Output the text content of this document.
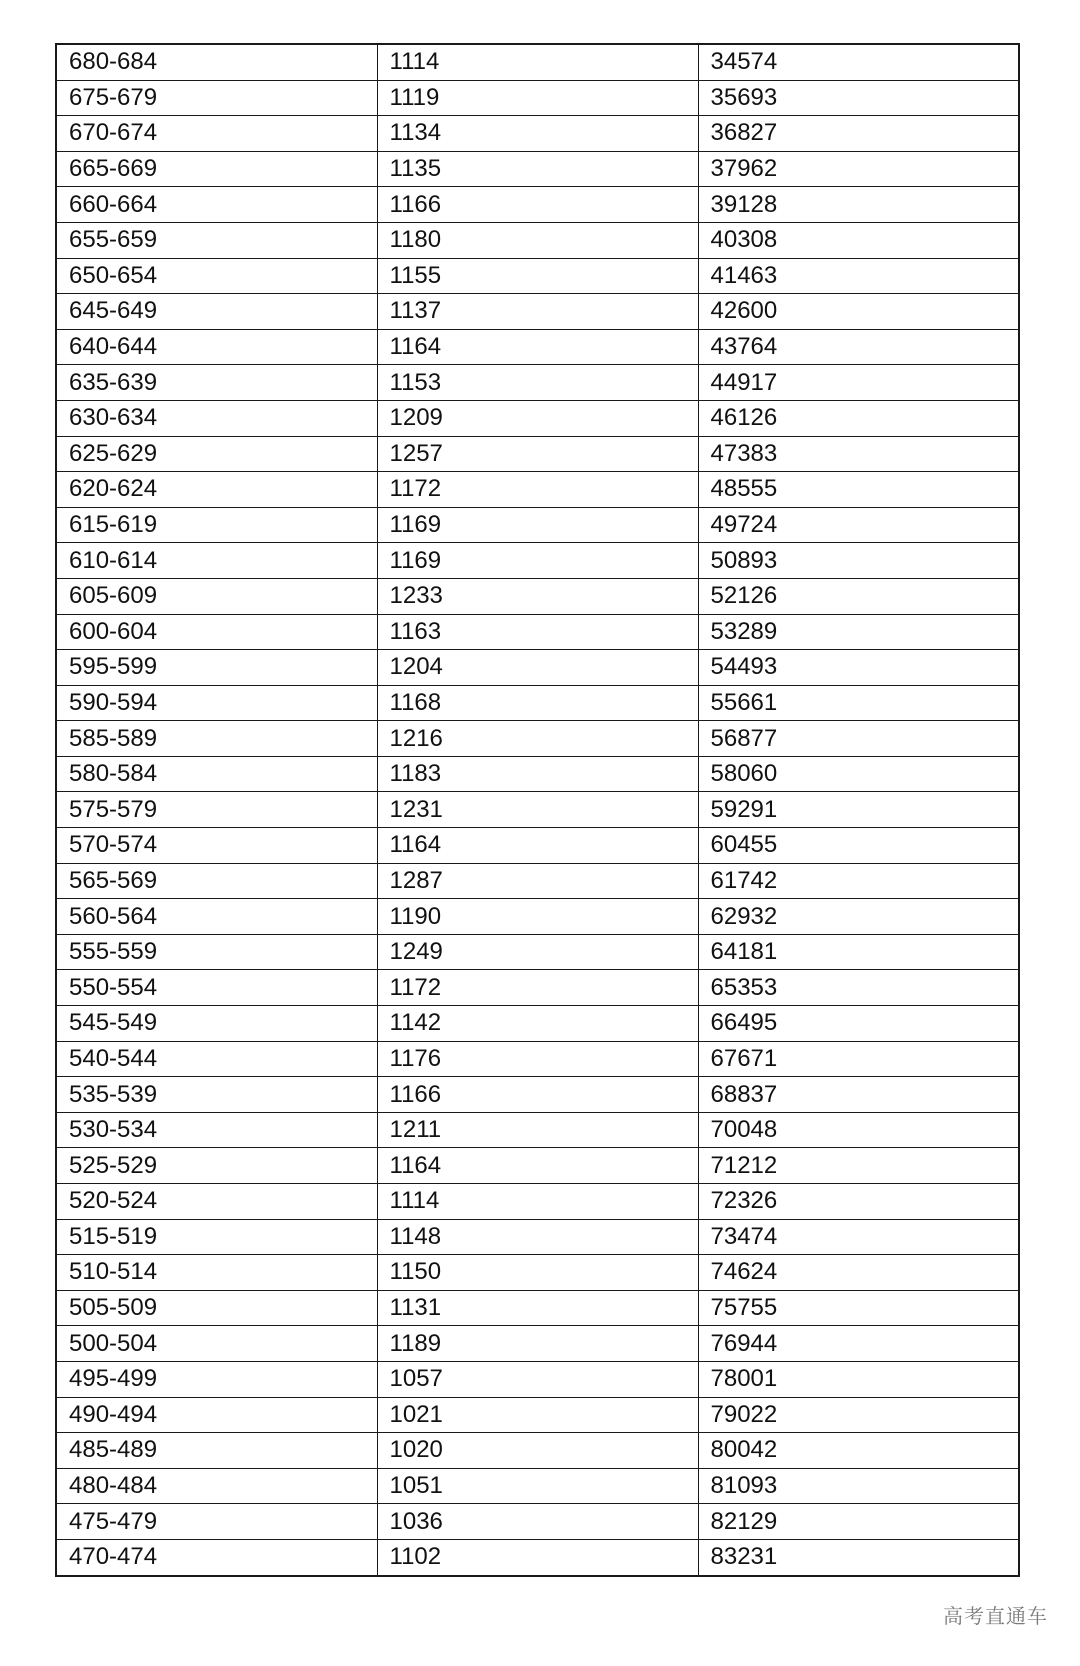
680-684	1114	34574
675-679	1119	35693
670-674	1134	36827
665-669	1135	37962
660-664	1166	39128
655-659	1180	40308
650-654	1155	41463
645-649	1137	42600
640-644	1164	43764
635-639	1153	44917
630-634	1209	46126
625-629	1257	47383
620-624	1172	48555
615-619	1169	49724
610-614	1169	50893
605-609	1233	52126
600-604	1163	53289
595-599	1204	54493
590-594	1168	55661
585-589	1216	56877
580-584	1183	58060
575-579	1231	59291
570-574	1164	60455
565-569	1287	61742
560-564	1190	62932
555-559	1249	64181
550-554	1172	65353
545-549	1142	66495
540-544	1176	67671
535-539	1166	68837
530-534	1211	70048
525-529	1164	71212
520-524	1114	72326
515-519	1148	73474
510-514	1150	74624
505-509	1131	75755
500-504	1189	76944
495-499	1057	78001
490-494	1021	79022
485-489	1020	80042
480-484	1051	81093
475-479	1036	82129
470-474	1102	83231
高考直通车
